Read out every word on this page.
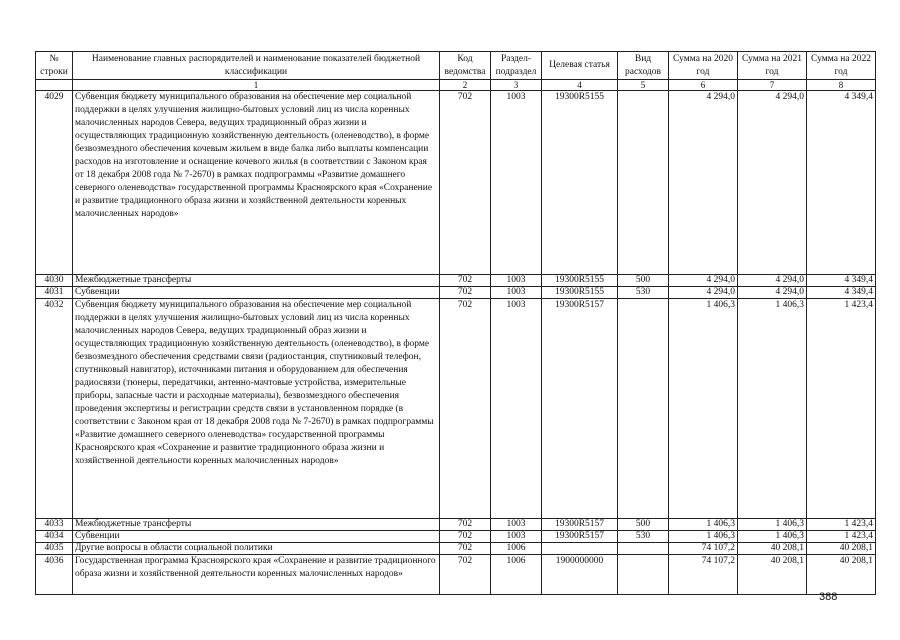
№ строки	Наименование главных распорядителей и наименование показателей бюджетной классификации	Код ведомства	Раздел-подраздел	Целевая статья	Вид расходов	Сумма на 2020 год	Сумма на 2021 год	Сумма на 2022 год
	1	2	3	4	5	6	7	8
4029	Субвенция бюджету муниципального образования на обеспечение мер социальной поддержки в целях улучшения жилищно-бытовых условий лиц из числа коренных малочисленных народов Севера, ведущих традиционный образ жизни и осуществляющих традиционную хозяйственную деятельность (оленеводство), в форме безвозмездного обеспечения кочевым жильем в виде балка либо выплаты компенсации расходов на изготовление и оснащение кочевого жилья (в соответствии с Законом края от 18 декабря 2008 года № 7-2670) в рамках подпрограммы «Развитие домашнего северного оленеводства» государственной программы Красноярского края «Сохранение и развитие традиционного образа жизни и хозяйственной деятельности коренных малочисленных народов»	702	1003	19300R5155		4 294,0	4 294,0	4 349,4
4030	Межбюджетные трансферты	702	1003	19300R5155	500	4 294,0	4 294,0	4 349,4
4031	Субвенции	702	1003	19300R5155	530	4 294,0	4 294,0	4 349,4
4032	Субвенция бюджету муниципального образования на обеспечение мер социальной поддержки в целях улучшения жилищно-бытовых условий лиц из числа коренных малочисленных народов Севера, ведущих традиционный образ жизни и осуществляющих традиционную хозяйственную деятельность (оленеводство), в форме безвозмездного обеспечения средствами связи (радиостанция, спутниковый телефон, спутниковый навигатор), источниками питания и оборудованием для обеспечения радиосвязи (тюнеры, передатчики, антенно-мачтовые устройства, измерительные приборы, запасные части и расходные материалы), безвозмездного обеспечения проведения экспертизы и регистрации средств связи в установленном порядке (в соответствии с Законом края от 18 декабря 2008 года № 7-2670) в рамках подпрограммы «Развитие домашнего северного оленеводства» государственной программы Красноярского края «Сохранение и развитие традиционного образа жизни и хозяйственной деятельности коренных малочисленных народов»	702	1003	19300R5157		1 406,3	1 406,3	1 423,4
4033	Межбюджетные трансферты	702	1003	19300R5157	500	1 406,3	1 406,3	1 423,4
4034	Субвенции	702	1003	19300R5157	530	1 406,3	1 406,3	1 423,4
4035	Другие вопросы в области социальной политики	702	1006			74 107,2	40 208,1	40 208,1
4036	Государственная программа Красноярского края «Сохранение и развитие традиционного образа жизни и хозяйственной деятельности коренных малочисленных народов»	702	1006	1900000000		74 107,2	40 208,1	40 208,1
388
